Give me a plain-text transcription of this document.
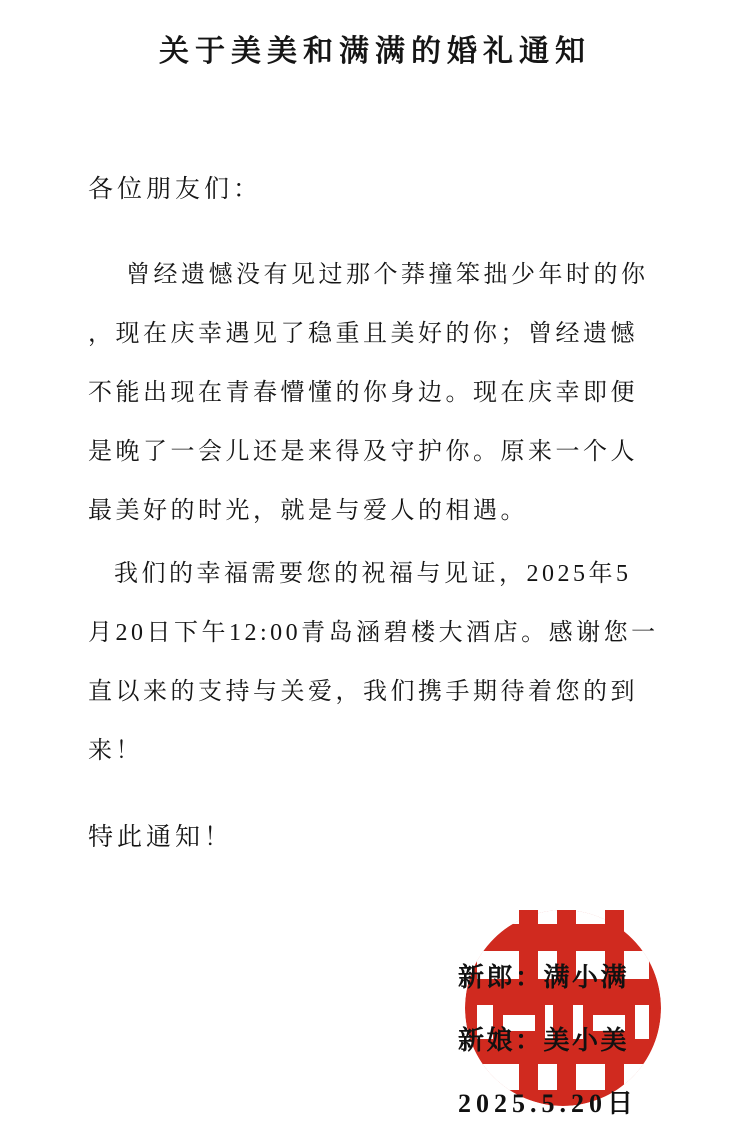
关于美美和满满的婚礼通知
各位朋友们：
曾经遗憾没有见过那个莽撞笨拙少年时的你
，现在庆幸遇见了稳重且美好的你；曾经遗憾
不能出现在青春懵懂的你身边。现在庆幸即便
是晚了一会儿还是来得及守护你。原来一个人
最美好的时光，就是与爱人的相遇。
我们的幸福需要您的祝福与见证，2025年5
月20日下午12:00青岛涵碧楼大酒店。感谢您一
直以来的支持与关爱，我们携手期待着您的到
来！
特此通知！
新郎：满小满
新娘：美小美
2025.5.20日
